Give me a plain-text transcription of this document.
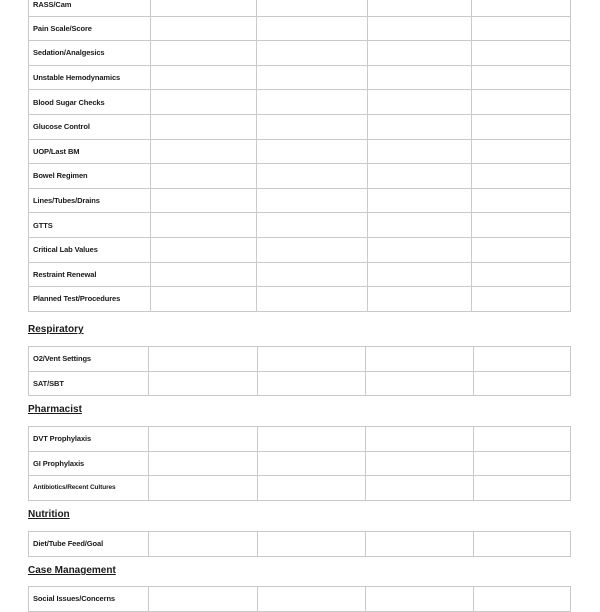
RASS/Cam				
Pain Scale/Score				
Sedation/Analgesics				
Unstable Hemodynamics				
Blood Sugar Checks				
Glucose Control				
UOP/Last BM				
Bowel Regimen				
Lines/Tubes/Drains				
GTTS				
Critical Lab Values				
Restraint Renewal				
Planned Test/Procedures				
Respiratory
O2/Vent Settings				
SAT/SBT				
Pharmacist
DVT Prophylaxis				
GI Prophylaxis				
Antibiotics/Recent Cultures				
Nutrition
Diet/Tube Feed/Goal				
Case Management
Social Issues/Concerns				
